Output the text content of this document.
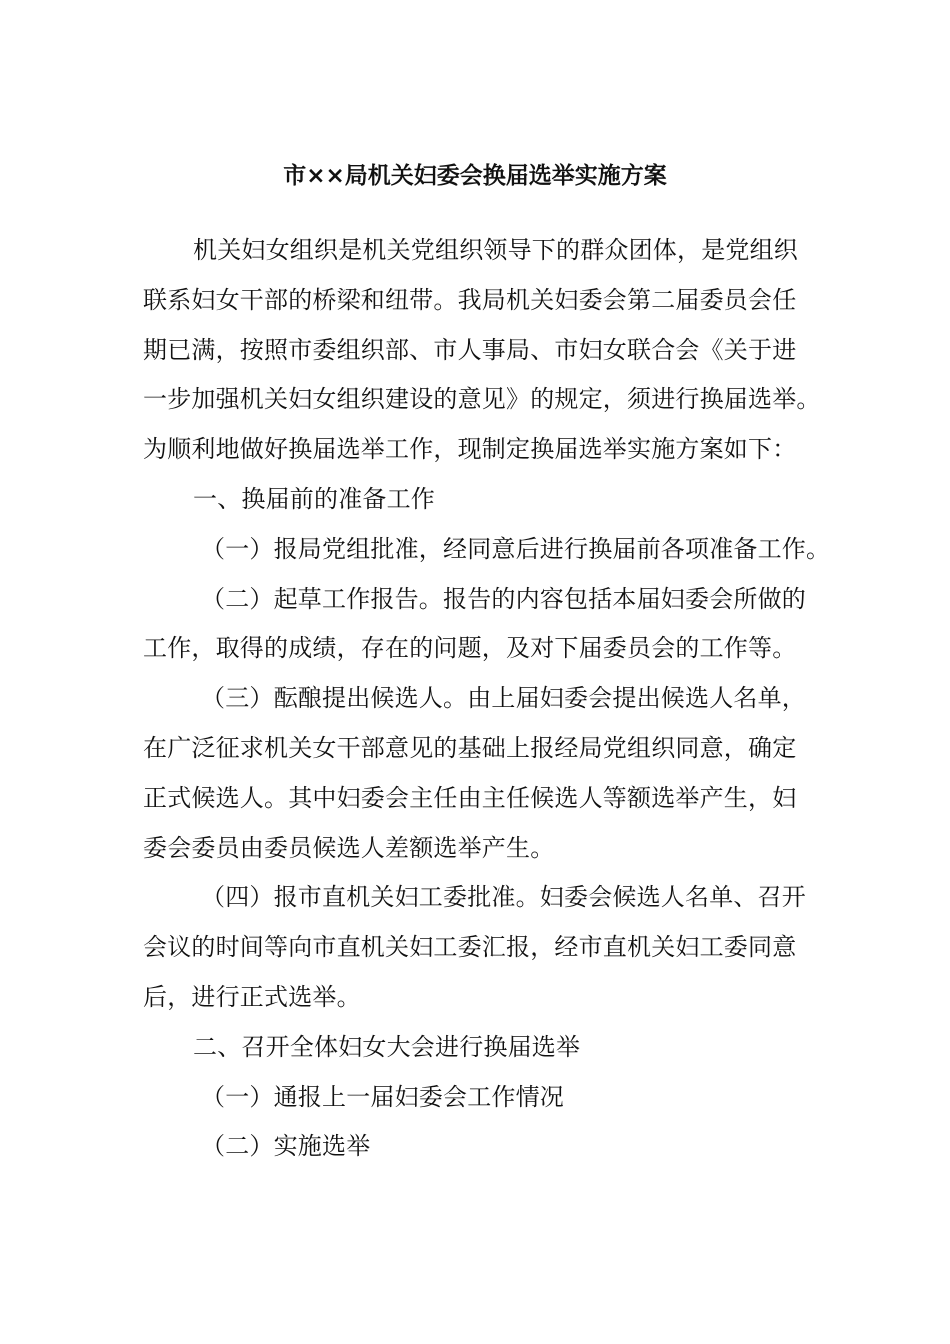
市××局机关妇委会换届选举实施方案
机关妇女组织是机关党组织领导下的群众团体，是党组织
联系妇女干部的桥梁和纽带。我局机关妇委会第二届委员会任
期已满，按照市委组织部、市人事局、市妇女联合会《关于进
一步加强机关妇女组织建设的意见》的规定，须进行换届选举。
为顺利地做好换届选举工作，现制定换届选举实施方案如下：
一、换届前的准备工作
（一）报局党组批准，经同意后进行换届前各项准备工作。
（二）起草工作报告。报告的内容包括本届妇委会所做的
工作，取得的成绩，存在的问题，及对下届委员会的工作等。
（三）酝酿提出候选人。由上届妇委会提出候选人名单，
在广泛征求机关女干部意见的基础上报经局党组织同意，确定
正式候选人。其中妇委会主任由主任候选人等额选举产生，妇
委会委员由委员候选人差额选举产生。
（四）报市直机关妇工委批准。妇委会候选人名单、召开
会议的时间等向市直机关妇工委汇报，经市直机关妇工委同意
后，进行正式选举。
二、召开全体妇女大会进行换届选举
（一）通报上一届妇委会工作情况
（二）实施选举
